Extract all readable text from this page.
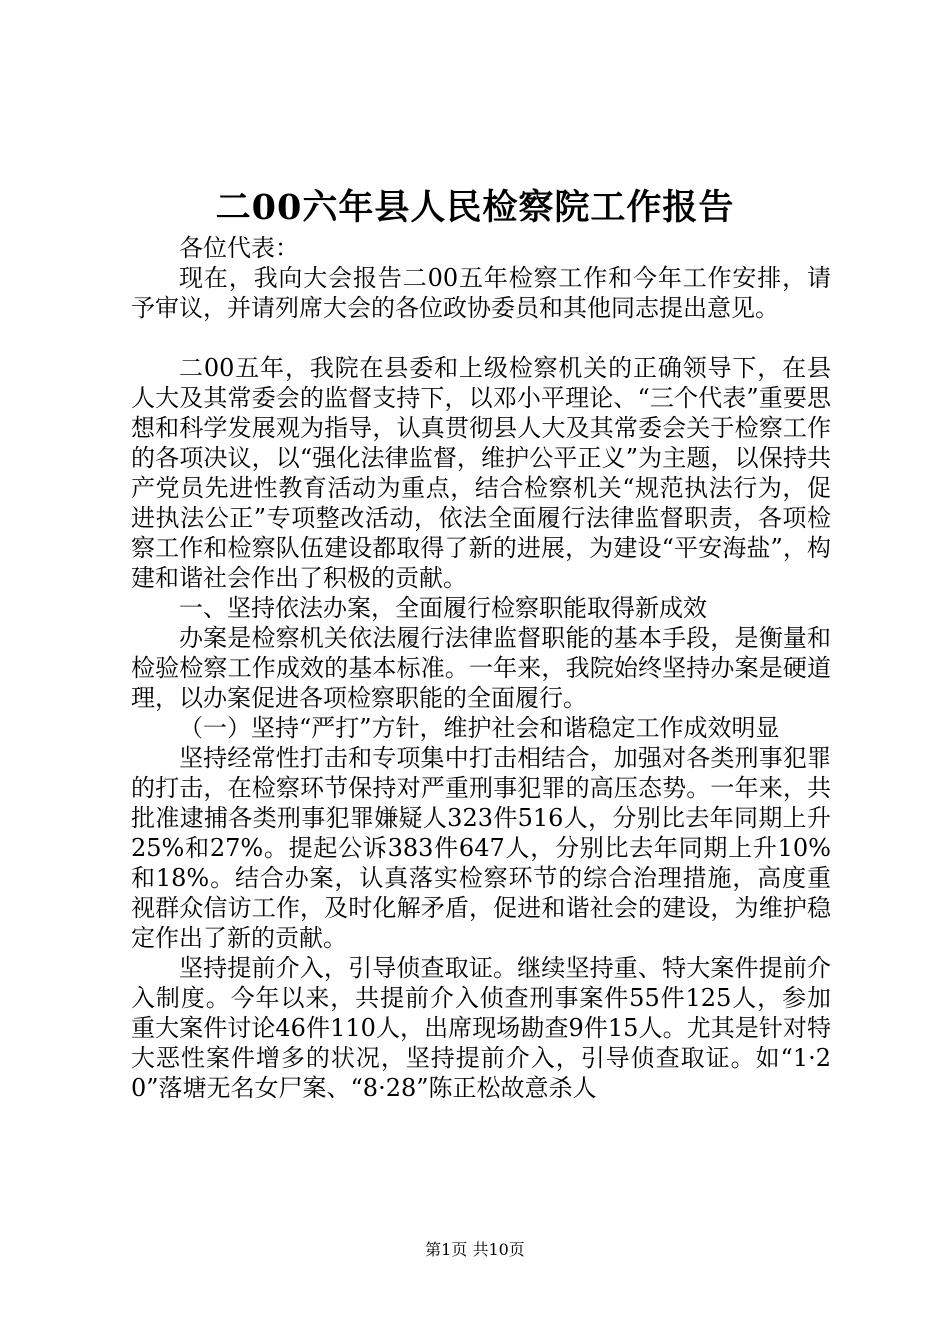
二00六年县人民检察院工作报告

各位代表：

现在，我向大会报告二00五年检察工作和今年工作安排，请予审议，并请列席大会的各位政协委员和其他同志提出意见。

二00五年，我院在县委和上级检察机关的正确领导下，在县人大及其常委会的监督支持下，以邓小平理论、“三个代表”重要思想和科学发展观为指导，认真贯彻县人大及其常委会关于检察工作的各项决议，以“强化法律监督，维护公平正义”为主题，以保持共产党员先进性教育活动为重点，结合检察机关“规范执法行为，促进执法公正”专项整改活动，依法全面履行法律监督职责，各项检察工作和检察队伍建设都取得了新的进展，为建设“平安海盐”，构建和谐社会作出了积极的贡献。

一、坚持依法办案，全面履行检察职能取得新成效

办案是检察机关依法履行法律监督职能的基本手段，是衡量和检验检察工作成效的基本标准。一年来，我院始终坚持办案是硬道理，以办案促进各项检察职能的全面履行。

（一）坚持“严打”方针，维护社会和谐稳定工作成效明显

坚持经常性打击和专项集中打击相结合，加强对各类刑事犯罪的打击，在检察环节保持对严重刑事犯罪的高压态势。一年来，共批准逮捕各类刑事犯罪嫌疑人323件516人，分别比去年同期上升25%和27%。提起公诉383件647人，分别比去年同期上升10%和18%。结合办案，认真落实检察环节的综合治理措施，高度重视群众信访工作，及时化解矛盾，促进和谐社会的建设，为维护稳定作出了新的贡献。

坚持提前介入，引导侦查取证。继续坚持重、特大案件提前介入制度。今年以来，共提前介入侦查刑事案件55件125人，参加重大案件讨论46件110人，出席现场勘查9件15人。尤其是针对特大恶性案件增多的状况，坚持提前介入，引导侦查取证。如“1·20”落塘无名女尸案、“8·28”陈正松故意杀人

第1页 共10页
